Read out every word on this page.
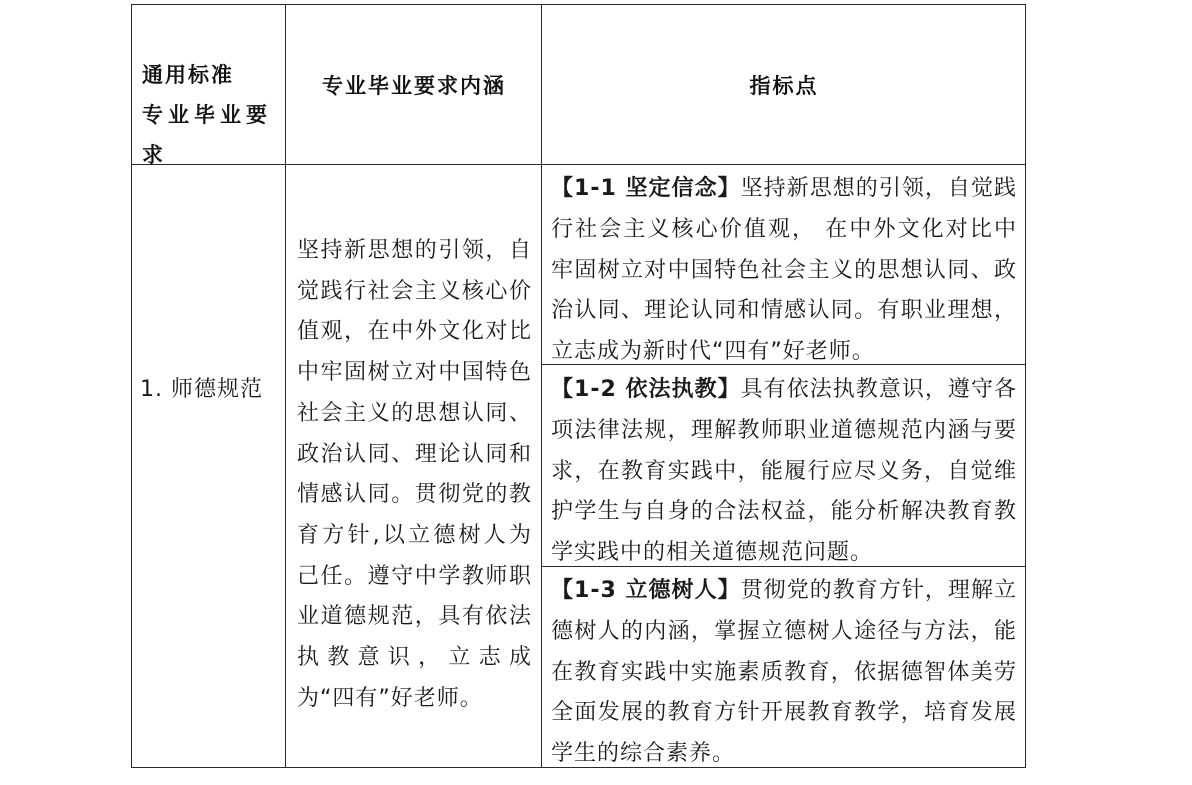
通用标准
专业毕业要
求
专业毕业要求内涵	指标点
1. 师德规范
坚持新思想的引领，自觉践行社会主义核心价值观，在中外文化对比中牢固树立对中国特色社会主义的思想认同、政治认同、理论认同和情感认同。贯彻党的教育方针,以立德树人为己任。遵守中学教师职业道德规范，具有依法执教意识，立志成为“四有”好老师。
【1-1 坚定信念】坚持新思想的引领，自觉践行社会主义核心价值观， 在中外文化对比中牢固树立对中国特色社会主义的思想认同、政治认同、理论认同和情感认同。有职业理想，立志成为新时代“四有”好老师。
【1-2 依法执教】具有依法执教意识，遵守各项法律法规，理解教师职业道德规范内涵与要求，在教育实践中，能履行应尽义务，自觉维护学生与自身的合法权益，能分析解决教育教学实践中的相关道德规范问题。
【1-3 立德树人】贯彻党的教育方针，理解立德树人的内涵，掌握立德树人途径与方法，能在教育实践中实施素质教育，依据德智体美劳全面发展的教育方针开展教育教学，培育发展学生的综合素养。
